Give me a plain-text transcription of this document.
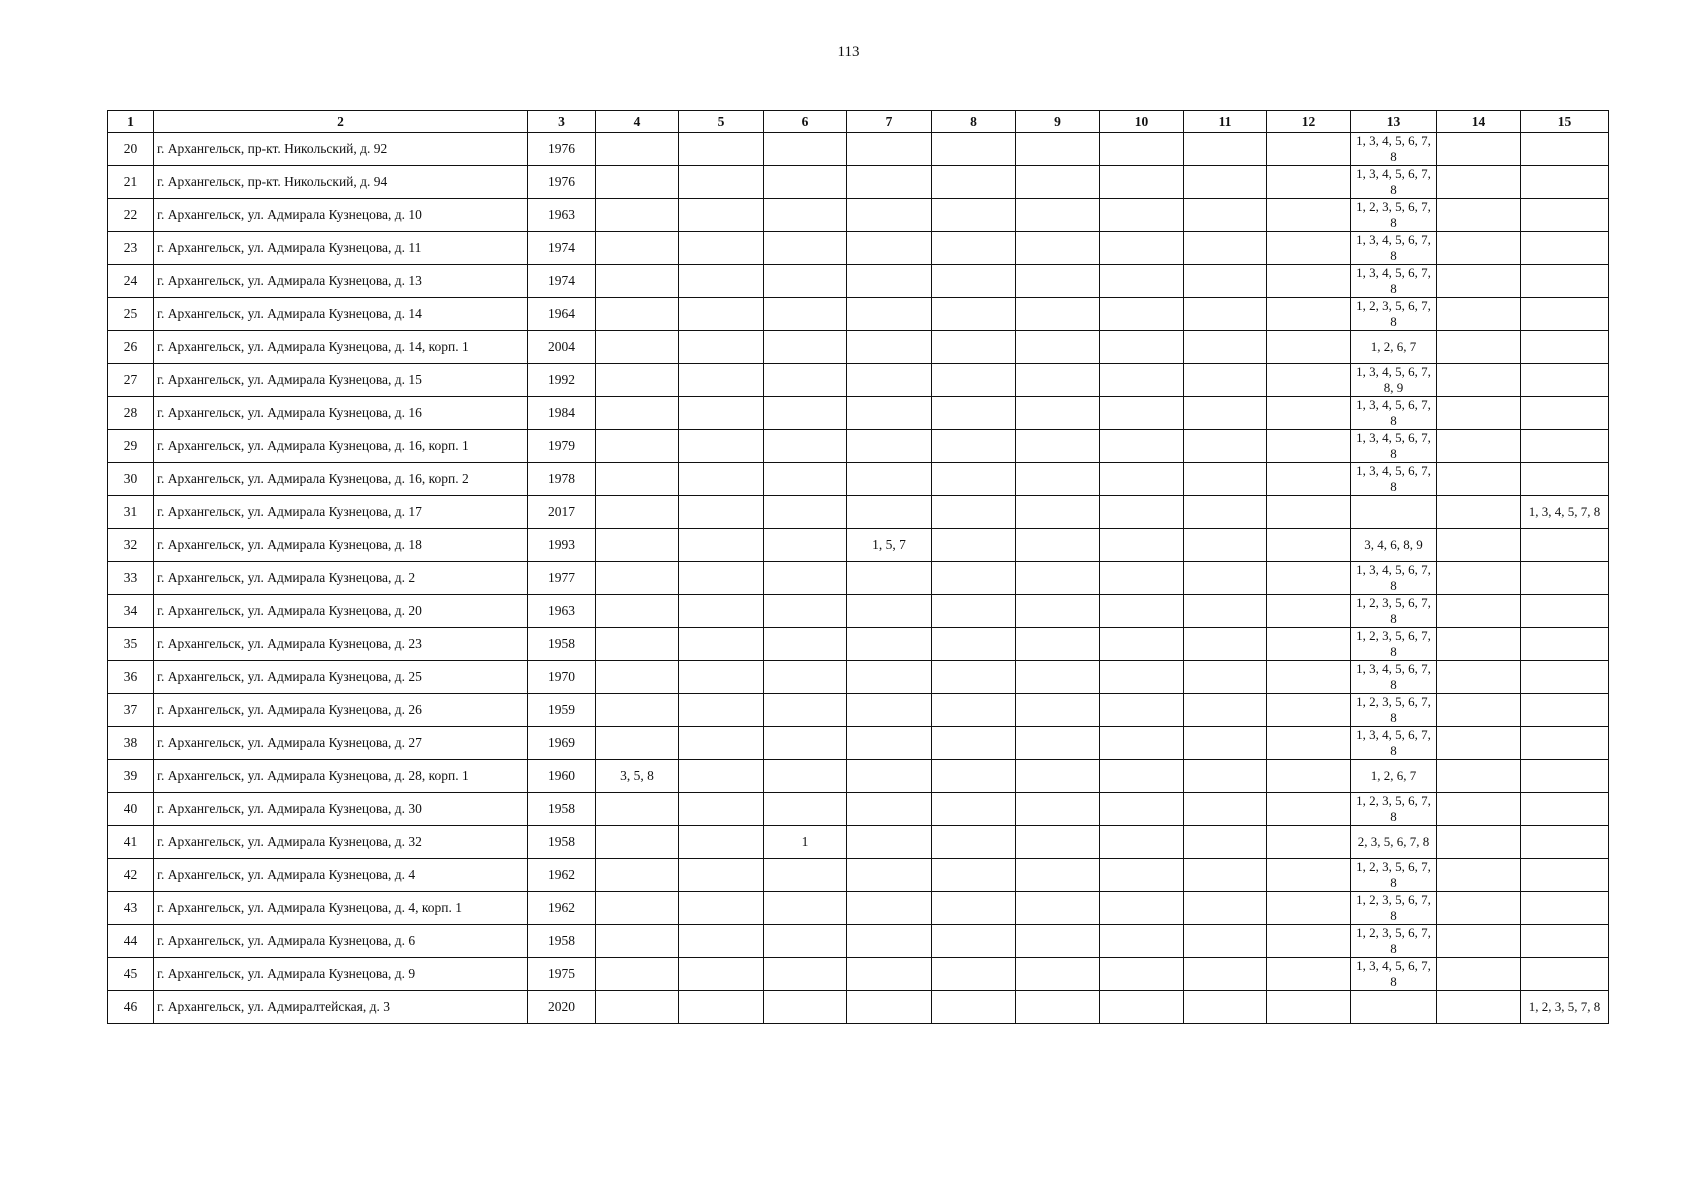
113
1	2	3	4	5	6	7	8	9	10	11	12	13	14	15
20	г. Архангельск, пр-кт. Никольский, д. 92	1976										1, 3, 4, 5, 6, 7, 8		
21	г. Архангельск, пр-кт. Никольский, д. 94	1976										1, 3, 4, 5, 6, 7, 8		
22	г. Архангельск, ул. Адмирала Кузнецова, д. 10	1963										1, 2, 3, 5, 6, 7, 8		
23	г. Архангельск, ул. Адмирала Кузнецова, д. 11	1974										1, 3, 4, 5, 6, 7, 8		
24	г. Архангельск, ул. Адмирала Кузнецова, д. 13	1974										1, 3, 4, 5, 6, 7, 8		
25	г. Архангельск, ул. Адмирала Кузнецова, д. 14	1964										1, 2, 3, 5, 6, 7, 8		
26	г. Архангельск, ул. Адмирала Кузнецова, д. 14, корп. 1	2004										1, 2, 6, 7		
27	г. Архангельск, ул. Адмирала Кузнецова, д. 15	1992										1, 3, 4, 5, 6, 7, 8, 9		
28	г. Архангельск, ул. Адмирала Кузнецова, д. 16	1984										1, 3, 4, 5, 6, 7, 8		
29	г. Архангельск, ул. Адмирала Кузнецова, д. 16, корп. 1	1979										1, 3, 4, 5, 6, 7, 8		
30	г. Архангельск, ул. Адмирала Кузнецова, д. 16, корп. 2	1978										1, 3, 4, 5, 6, 7, 8		
31	г. Архангельск, ул. Адмирала Кузнецова, д. 17	2017												1, 3, 4, 5, 7, 8
32	г. Архангельск, ул. Адмирала Кузнецова, д. 18	1993				1, 5, 7						3, 4, 6, 8, 9		
33	г. Архангельск, ул. Адмирала Кузнецова, д. 2	1977										1, 3, 4, 5, 6, 7, 8		
34	г. Архангельск, ул. Адмирала Кузнецова, д. 20	1963										1, 2, 3, 5, 6, 7, 8		
35	г. Архангельск, ул. Адмирала Кузнецова, д. 23	1958										1, 2, 3, 5, 6, 7, 8		
36	г. Архангельск, ул. Адмирала Кузнецова, д. 25	1970										1, 3, 4, 5, 6, 7, 8		
37	г. Архангельск, ул. Адмирала Кузнецова, д. 26	1959										1, 2, 3, 5, 6, 7, 8		
38	г. Архангельск, ул. Адмирала Кузнецова, д. 27	1969										1, 3, 4, 5, 6, 7, 8		
39	г. Архангельск, ул. Адмирала Кузнецова, д. 28, корп. 1	1960	3, 5, 8									1, 2, 6, 7		
40	г. Архангельск, ул. Адмирала Кузнецова, д. 30	1958										1, 2, 3, 5, 6, 7, 8		
41	г. Архангельск, ул. Адмирала Кузнецова, д. 32	1958			1							2, 3, 5, 6, 7, 8		
42	г. Архангельск, ул. Адмирала Кузнецова, д. 4	1962										1, 2, 3, 5, 6, 7, 8		
43	г. Архангельск, ул. Адмирала Кузнецова, д. 4, корп. 1	1962										1, 2, 3, 5, 6, 7, 8		
44	г. Архангельск, ул. Адмирала Кузнецова, д. 6	1958										1, 2, 3, 5, 6, 7, 8		
45	г. Архангельск, ул. Адмирала Кузнецова, д. 9	1975										1, 3, 4, 5, 6, 7, 8		
46	г. Архангельск, ул. Адмиралтейская, д. 3	2020												1, 2, 3, 5, 7, 8
